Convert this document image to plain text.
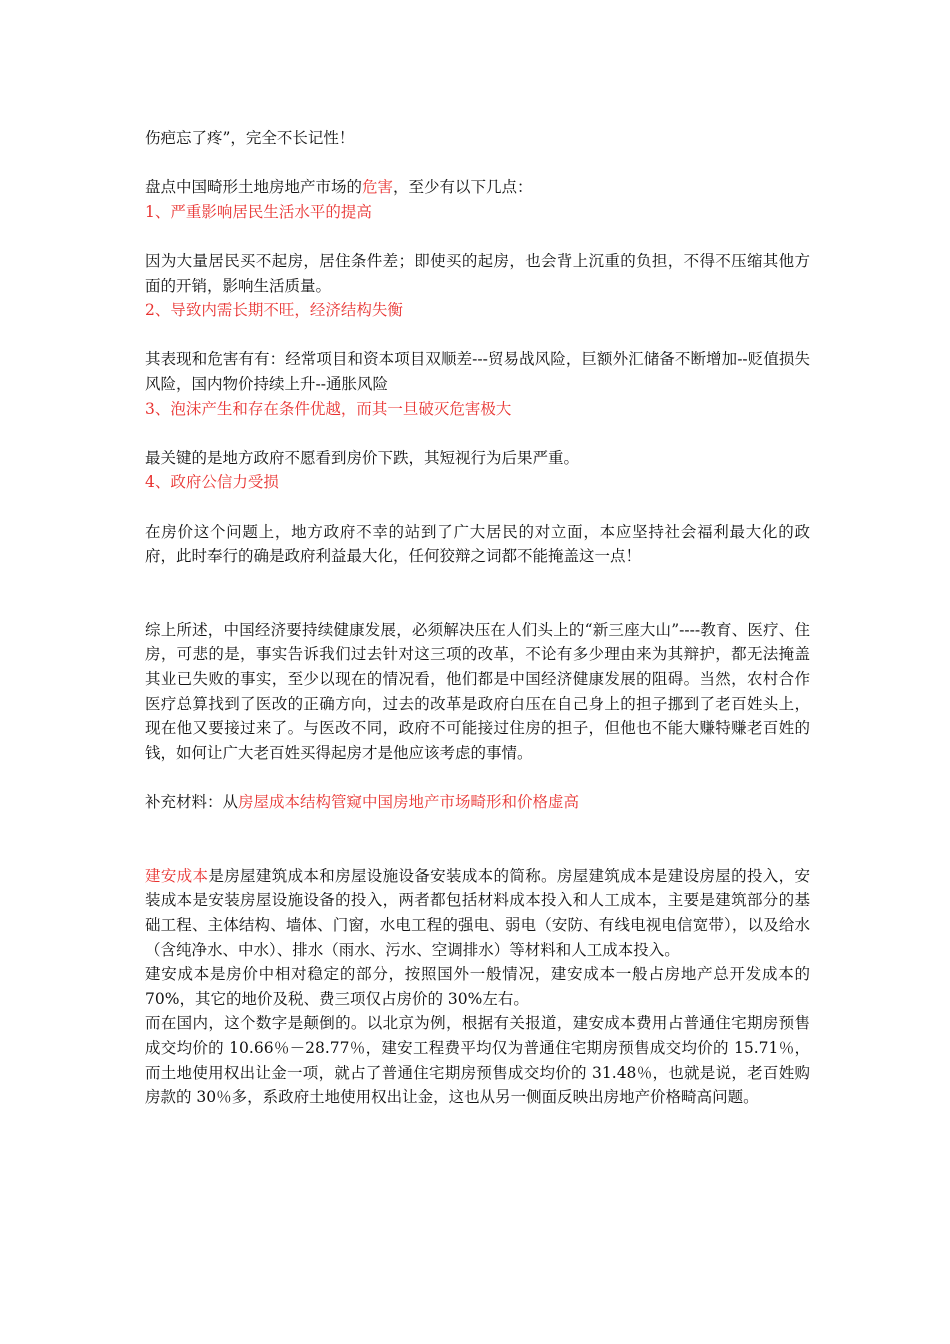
伤疤忘了疼”，完全不长记性！

盘点中国畸形土地房地产市场的危害，至少有以下几点：

1、严重影响居民生活水平的提高

因为大量居民买不起房，居住条件差；即使买的起房，也会背上沉重的负担，不得不压缩其他方面的开销，影响生活质量。

2、导致内需长期不旺，经济结构失衡

其表现和危害有有：经常项目和资本项目双顺差---贸易战风险，巨额外汇储备不断增加--贬值损失风险，国内物价持续上升--通胀风险

3、泡沫产生和存在条件优越，而其一旦破灭危害极大

最关键的是地方政府不愿看到房价下跌，其短视行为后果严重。

4、政府公信力受损

在房价这个问题上，地方政府不幸的站到了广大居民的对立面，本应坚持社会福利最大化的政府，此时奉行的确是政府利益最大化，任何狡辩之词都不能掩盖这一点！

综上所述，中国经济要持续健康发展，必须解决压在人们头上的“新三座大山”----教育、医疗、住房，可悲的是，事实告诉我们过去针对这三项的改革，不论有多少理由来为其辩护，都无法掩盖其业已失败的事实，至少以现在的情况看，他们都是中国经济健康发展的阻碍。当然，农村合作医疗总算找到了医改的正确方向，过去的改革是政府白压在自己身上的担子挪到了老百姓头上，现在他又要接过来了。与医改不同，政府不可能接过住房的担子，但他也不能大赚特赚老百姓的钱，如何让广大老百姓买得起房才是他应该考虑的事情。

补充材料：从房屋成本结构管窥中国房地产市场畸形和价格虚高

建安成本是房屋建筑成本和房屋设施设备安装成本的简称。房屋建筑成本是建设房屋的投入，安装成本是安装房屋设施设备的投入，两者都包括材料成本投入和人工成本，主要是建筑部分的基础工程、主体结构、墙体、门窗，水电工程的强电、弱电（安防、有线电视电信宽带），以及给水（含纯净水、中水）、排水（雨水、污水、空调排水）等材料和人工成本投入。

建安成本是房价中相对稳定的部分，按照国外一般情况，建安成本一般占房地产总开发成本的 70%，其它的地价及税、费三项仅占房价的 30%左右。

而在国内，这个数字是颠倒的。以北京为例，根据有关报道，建安成本费用占普通住宅期房预售成交均价的 10.66％－28.77％，建安工程费平均仅为普通住宅期房预售成交均价的 15.71％，而土地使用权出让金一项，就占了普通住宅期房预售成交均价的 31.48％，也就是说，老百姓购房款的 30％多，系政府土地使用权出让金，这也从另一侧面反映出房地产价格畸高问题。
